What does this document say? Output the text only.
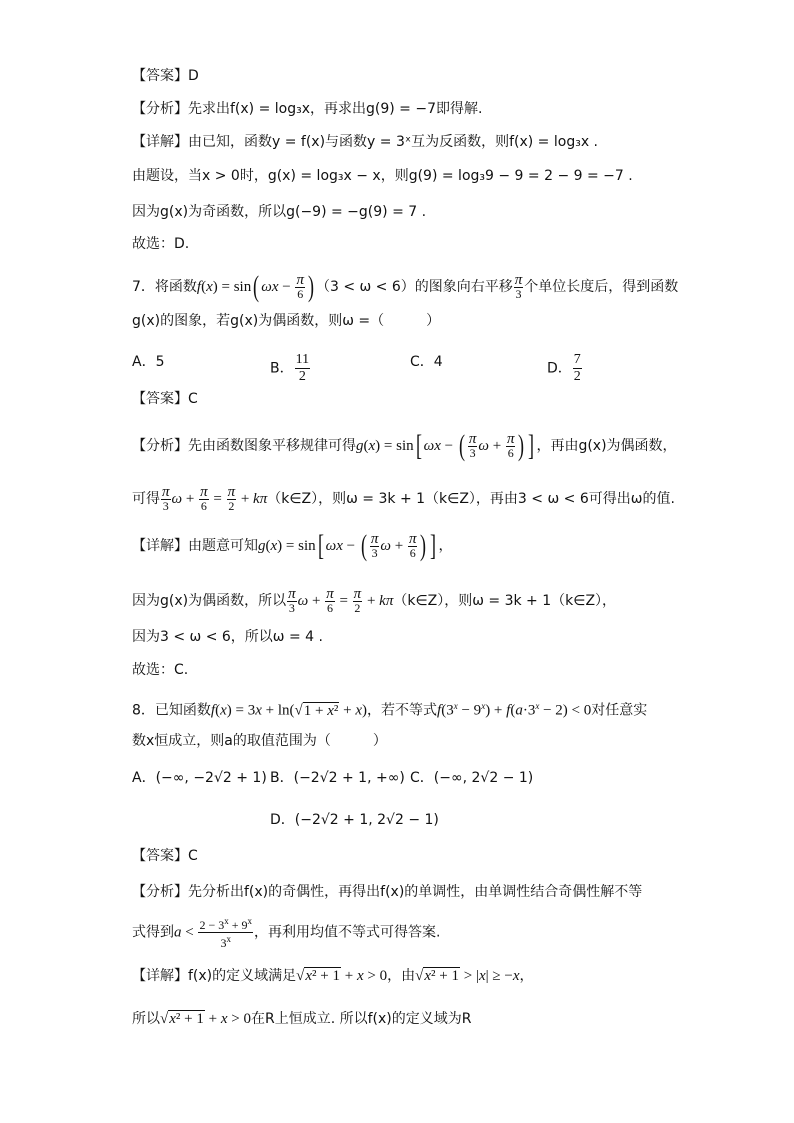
【答案】D
【分析】先求出f(x) = log₃x，再求出g(9) = −7即得解.
【详解】由已知，函数y = f(x)与函数y = 3ˣ互为反函数，则f(x) = log₃x .
由题设，当x > 0时，g(x) = log₃x − x，则g(9) = log₃9 − 9 = 2 − 9 = −7 .
因为g(x)为奇函数，所以g(−9) = −g(9) = 7 .
故选：D.
7．将函数f(x) = sin( $\omega x - \frac{\pi}{6}$ ) （3 < ω < 6）的图象向右平移 $\frac{\pi}{3}$ 个单位长度后，得到函数
g(x)的图象，若g(x)为偶函数，则ω =（　　　）
A．5	B． $\frac{11}{2}$	C．4	D． $\frac{7}{2}$
【答案】C
【分析】先由函数图象平移规律可得g(x) = sin[ ωx − ( $\frac{\pi}{3}$ $\omega + \frac{\pi}{6}$ ) ] ，再由g(x)为偶函数，
可得 $\frac{\pi}{3}$ $\omega + \frac{\pi}{6} = \frac{\pi}{2}$ + kπ（k∈Z），则ω = 3k + 1（k∈Z），再由3 < ω < 6可得出ω的值.
【详解】由题意可知g(x) = sin[ ωx − ( $\frac{\pi}{3}$ $\omega + \frac{\pi}{6}$ ) ] ，
因为g(x)为偶函数，所以 $\frac{\pi}{3}$ $\omega + \frac{\pi}{6} = \frac{\pi}{2}$ + kπ（k∈Z），则ω = 3k + 1（k∈Z），
因为3 < ω < 6，所以ω = 4 .
故选：C.
8．已知函数f(x) = 3x + ln(√1 + x² + x)，若不等式$f(3^x - 9^x) + f(a\cdot 3^x - 2) < 0$对任意实
数x恒成立，则a的取值范围为（　　　）
A．(−∞, −2√2 + 1) B．(−2√2 + 1, +∞) C．(−∞, 2√2 − 1)
D．(−2√2 + 1, 2√2 − 1)
【答案】C
【分析】先分析出f(x)的奇偶性，再得出f(x)的单调性，由单调性结合奇偶性解不等
式得到$a < \frac{2 - 3^x + 9^x}{3^x}$ ，再利用均值不等式可得答案.
【详解】f(x)的定义域满足√x² + 1 + x > 0，由√x² + 1 > |x| ≥ −x，
所以√x² + 1 + x > 0在R上恒成立. 所以f(x)的定义域为R
